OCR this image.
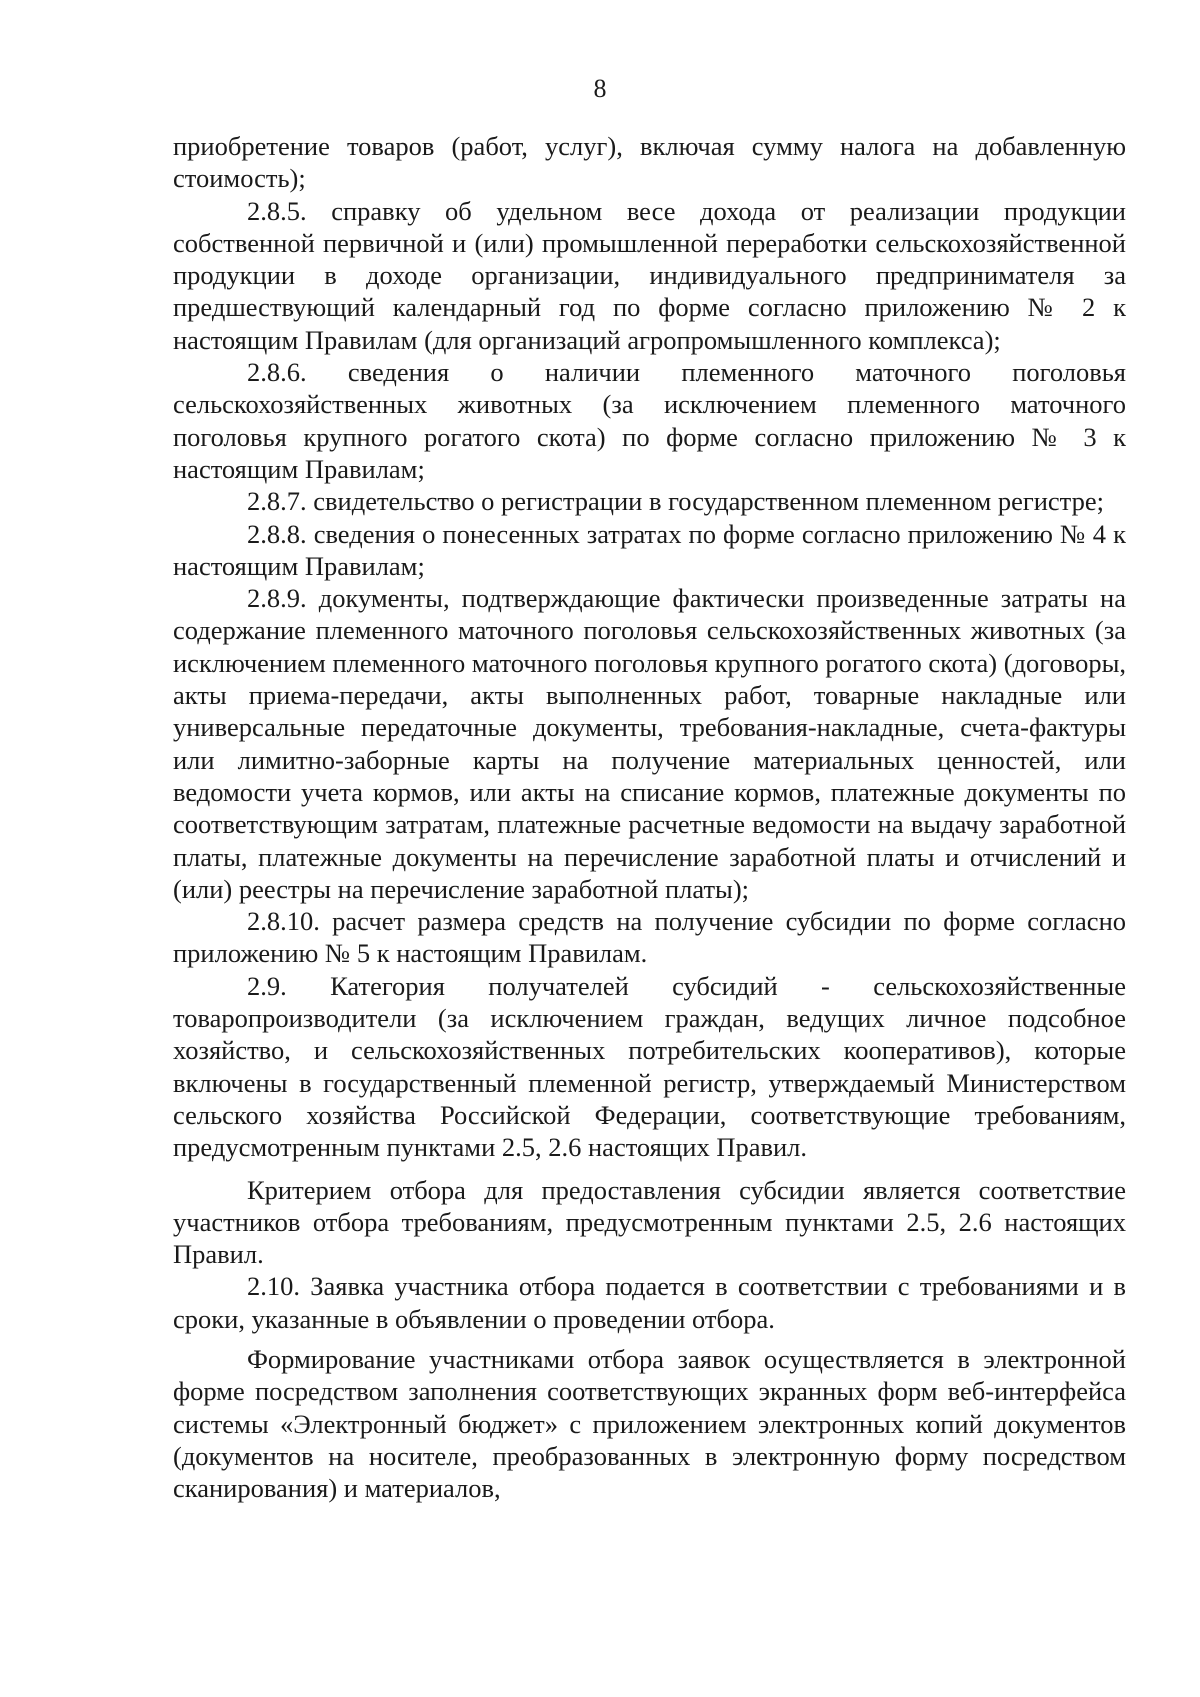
8

приобретение товаров (работ, услуг), включая сумму налога на добавленную стоимость);

2.8.5. справку об удельном весе дохода от реализации продукции собственной первичной и (или) промышленной переработки сельскохозяйственной продукции в доходе организации, индивидуального предпринимателя за предшествующий календарный год по форме согласно приложению № 2 к настоящим Правилам (для организаций агропромышленного комплекса);

2.8.6. сведения о наличии племенного маточного поголовья сельскохозяйственных животных (за исключением племенного маточного поголовья крупного рогатого скота) по форме согласно приложению № 3 к настоящим Правилам;

2.8.7. свидетельство о регистрации в государственном племенном регистре;

2.8.8. сведения о понесенных затратах по форме согласно приложению № 4 к настоящим Правилам;

2.8.9. документы, подтверждающие фактически произведенные затраты на содержание племенного маточного поголовья сельскохозяйственных животных (за исключением племенного маточного поголовья крупного рогатого скота) (договоры, акты приема-передачи, акты выполненных работ, товарные накладные или универсальные передаточные документы, требования-накладные, счета-фактуры или лимитно-заборные карты на получение материальных ценностей, или ведомости учета кормов, или акты на списание кормов, платежные документы по соответствующим затратам, платежные расчетные ведомости на выдачу заработной платы, платежные документы на перечисление заработной платы и отчислений и (или) реестры на перечисление заработной платы);

2.8.10. расчет размера средств на получение субсидии по форме согласно приложению № 5 к настоящим Правилам.

2.9. Категория получателей субсидий - сельскохозяйственные товаропроизводители (за исключением граждан, ведущих личное подсобное хозяйство, и сельскохозяйственных потребительских кооперативов), которые включены в государственный племенной регистр, утверждаемый Министерством сельского хозяйства Российской Федерации, соответствующие требованиям, предусмотренным пунктами 2.5, 2.6 настоящих Правил.

Критерием отбора для предоставления субсидии является соответствие участников отбора требованиям, предусмотренным пунктами 2.5, 2.6 настоящих Правил.

2.10. Заявка участника отбора подается в соответствии с требованиями и в сроки, указанные в объявлении о проведении отбора.

Формирование участниками отбора заявок осуществляется в электронной форме посредством заполнения соответствующих экранных форм веб-интерфейса системы «Электронный бюджет» с приложением электронных копий документов (документов на носителе, преобразованных в электронную форму посредством сканирования) и материалов,
